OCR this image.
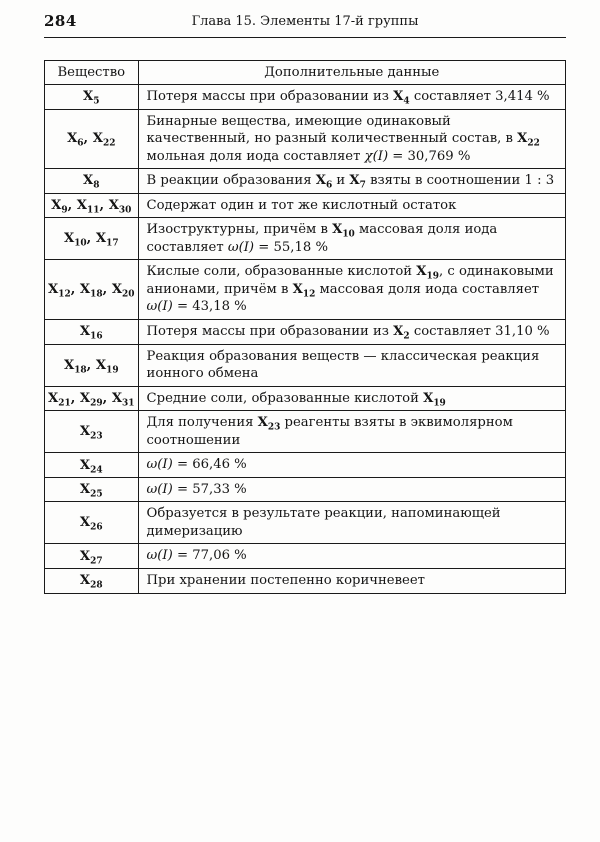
284	Глава 15. Элементы 17-й группы
Вещество	Дополнительные данные
$X_5$	Потеря массы при образовании из $X_4$ составляет 3,414 %
$X_6$, $X_{22}$	Бинарные вещества, имеющие одинаковый качественный, но разный количественный состав, в $X_{22}$ мольная доля иода составляет χ(I) = 30,769 %
$X_8$	В реакции образования $X_6$ и $X_7$ взяты в соотношении 1 : 3
$X_9$, $X_{11}$, $X_{30}$	Содержат один и тот же кислотный остаток
$X_{10}$, $X_{17}$	Изоструктурны, причём в $X_{10}$ массовая доля иода составляет ω(I) = 55,18 %
$X_{12}$, $X_{18}$, $X_{20}$	Кислые соли, образованные кислотой $X_{19}$, с одинаковыми анионами, причём в $X_{12}$ массовая доля иода составляет ω(I) = 43,18 %
$X_{16}$	Потеря массы при образовании из $X_2$ составляет 31,10 %
$X_{18}$, $X_{19}$	Реакция образования веществ — классическая реакция ионного обмена
$X_{21}$, $X_{29}$, $X_{31}$	Средние соли, образованные кислотой $X_{19}$
$X_{23}$	Для получения $X_{23}$ реагенты взяты в эквимолярном соотношении
$X_{24}$	ω(I) = 66,46 %
$X_{25}$	ω(I) = 57,33 %
$X_{26}$	Образуется в результате реакции, напоминающей димеризацию
$X_{27}$	ω(I) = 77,06 %
$X_{28}$	При хранении постепенно коричневеет
